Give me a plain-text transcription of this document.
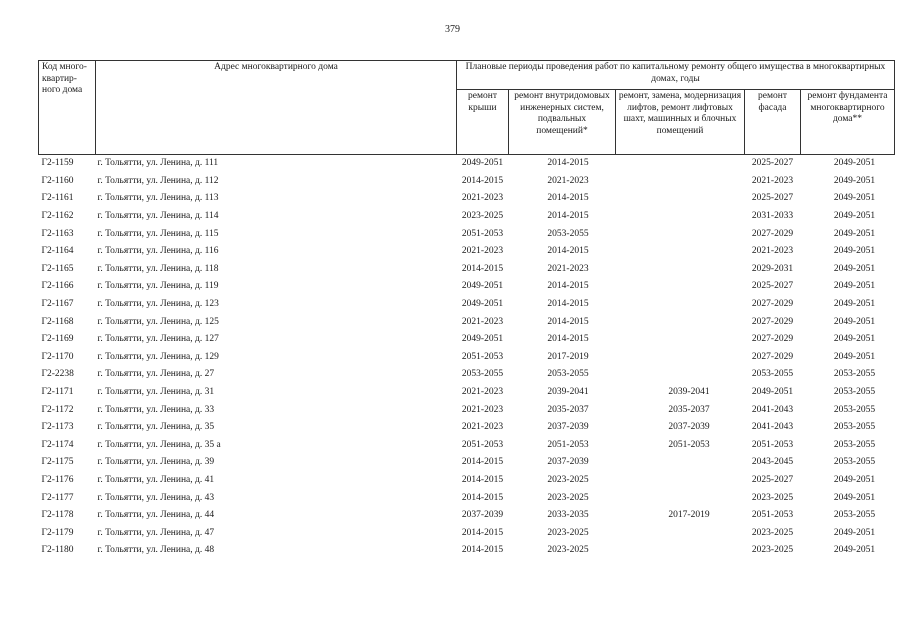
379
Код много-квартир-ного дома	Адрес многоквартирного дома	Плановые периоды проведения работ по капитальному ремонту общего имущества в многоквартирных домах, годы				
		ремонт крыши	ремонт внутридомовых инженерных систем, подвальных помещений*	ремонт, замена, модернизация лифтов, ремонт лифтовых шахт, машинных и блочных помещений	ремонт фасада	ремонт фундамента многоквартирного дома**
Г2-1159	г. Тольятти, ул. Ленина, д. 111	2049-2051	2014-2015		2025-2027	2049-2051
Г2-1160	г. Тольятти, ул. Ленина, д. 112	2014-2015	2021-2023		2021-2023	2049-2051
Г2-1161	г. Тольятти, ул. Ленина, д. 113	2021-2023	2014-2015		2025-2027	2049-2051
Г2-1162	г. Тольятти, ул. Ленина, д. 114	2023-2025	2014-2015		2031-2033	2049-2051
Г2-1163	г. Тольятти, ул. Ленина, д. 115	2051-2053	2053-2055		2027-2029	2049-2051
Г2-1164	г. Тольятти, ул. Ленина, д. 116	2021-2023	2014-2015		2021-2023	2049-2051
Г2-1165	г. Тольятти, ул. Ленина, д. 118	2014-2015	2021-2023		2029-2031	2049-2051
Г2-1166	г. Тольятти, ул. Ленина, д. 119	2049-2051	2014-2015		2025-2027	2049-2051
Г2-1167	г. Тольятти, ул. Ленина, д. 123	2049-2051	2014-2015		2027-2029	2049-2051
Г2-1168	г. Тольятти, ул. Ленина, д. 125	2021-2023	2014-2015		2027-2029	2049-2051
Г2-1169	г. Тольятти, ул. Ленина, д. 127	2049-2051	2014-2015		2027-2029	2049-2051
Г2-1170	г. Тольятти, ул. Ленина, д. 129	2051-2053	2017-2019		2027-2029	2049-2051
Г2-2238	г. Тольятти, ул. Ленина, д. 27	2053-2055	2053-2055		2053-2055	2053-2055
Г2-1171	г. Тольятти, ул. Ленина, д. 31	2021-2023	2039-2041	2039-2041	2049-2051	2053-2055
Г2-1172	г. Тольятти, ул. Ленина, д. 33	2021-2023	2035-2037	2035-2037	2041-2043	2053-2055
Г2-1173	г. Тольятти, ул. Ленина, д. 35	2021-2023	2037-2039	2037-2039	2041-2043	2053-2055
Г2-1174	г. Тольятти, ул. Ленина, д. 35 а	2051-2053	2051-2053	2051-2053	2051-2053	2053-2055
Г2-1175	г. Тольятти, ул. Ленина, д. 39	2014-2015	2037-2039		2043-2045	2053-2055
Г2-1176	г. Тольятти, ул. Ленина, д. 41	2014-2015	2023-2025		2025-2027	2049-2051
Г2-1177	г. Тольятти, ул. Ленина, д. 43	2014-2015	2023-2025		2023-2025	2049-2051
Г2-1178	г. Тольятти, ул. Ленина, д. 44	2037-2039	2033-2035	2017-2019	2051-2053	2053-2055
Г2-1179	г. Тольятти, ул. Ленина, д. 47	2014-2015	2023-2025		2023-2025	2049-2051
Г2-1180	г. Тольятти, ул. Ленина, д. 48	2014-2015	2023-2025		2023-2025	2049-2051
